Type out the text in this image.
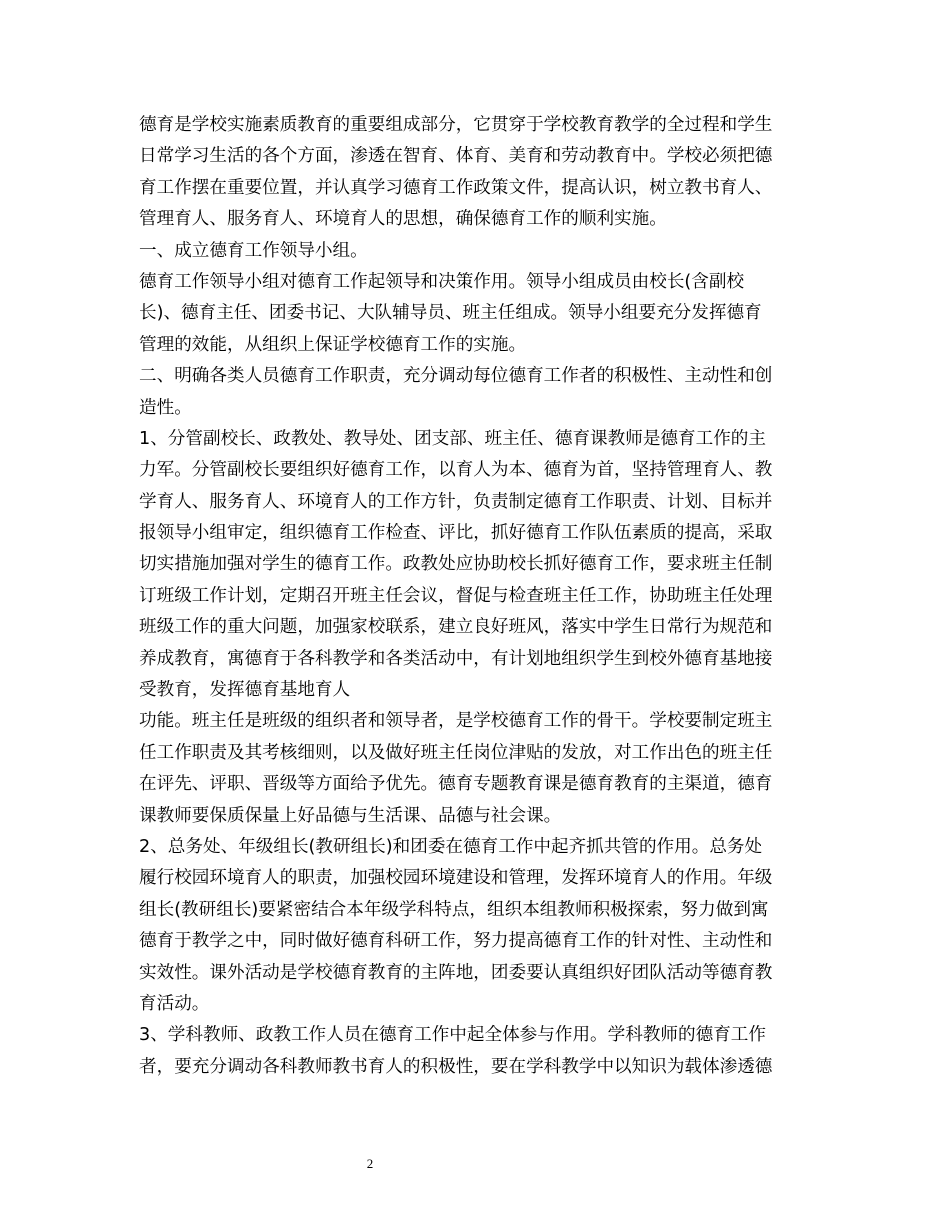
德育是学校实施素质教育的重要组成部分，它贯穿于学校教育教学的全过程和学生
日常学习生活的各个方面，渗透在智育、体育、美育和劳动教育中。学校必须把德
育工作摆在重要位置，并认真学习德育工作政策文件，提高认识，树立教书育人、
管理育人、服务育人、环境育人的思想，确保德育工作的顺利实施。
一、成立德育工作领导小组。
德育工作领导小组对德育工作起领导和决策作用。领导小组成员由校长(含副校
长)、德育主任、团委书记、大队辅导员、班主任组成。领导小组要充分发挥德育
管理的效能，从组织上保证学校德育工作的实施。
二、明确各类人员德育工作职责，充分调动每位德育工作者的积极性、主动性和创
造性。
1、分管副校长、政教处、教导处、团支部、班主任、德育课教师是德育工作的主
力军。分管副校长要组织好德育工作，以育人为本、德育为首，坚持管理育人、教
学育人、服务育人、环境育人的工作方针，负责制定德育工作职责、计划、目标并
报领导小组审定，组织德育工作检查、评比，抓好德育工作队伍素质的提高，采取
切实措施加强对学生的德育工作。政教处应协助校长抓好德育工作，要求班主任制
订班级工作计划，定期召开班主任会议，督促与检查班主任工作，协助班主任处理
班级工作的重大问题，加强家校联系，建立良好班风，落实中学生日常行为规范和
养成教育，寓德育于各科教学和各类活动中，有计划地组织学生到校外德育基地接
受教育，发挥德育基地育人
功能。班主任是班级的组织者和领导者，是学校德育工作的骨干。学校要制定班主
任工作职责及其考核细则，以及做好班主任岗位津贴的发放，对工作出色的班主任
在评先、评职、晋级等方面给予优先。德育专题教育课是德育教育的主渠道，德育
课教师要保质保量上好品德与生活课、品德与社会课。
2、总务处、年级组长(教研组长)和团委在德育工作中起齐抓共管的作用。总务处
履行校园环境育人的职责，加强校园环境建设和管理，发挥环境育人的作用。年级
组长(教研组长)要紧密结合本年级学科特点，组织本组教师积极探索，努力做到寓
德育于教学之中，同时做好德育科研工作，努力提高德育工作的针对性、主动性和
实效性。课外活动是学校德育教育的主阵地，团委要认真组织好团队活动等德育教
育活动。
3、学科教师、政教工作人员在德育工作中起全体参与作用。学科教师的德育工作
者，要充分调动各科教师教书育人的积极性，要在学科教学中以知识为载体渗透德
2
